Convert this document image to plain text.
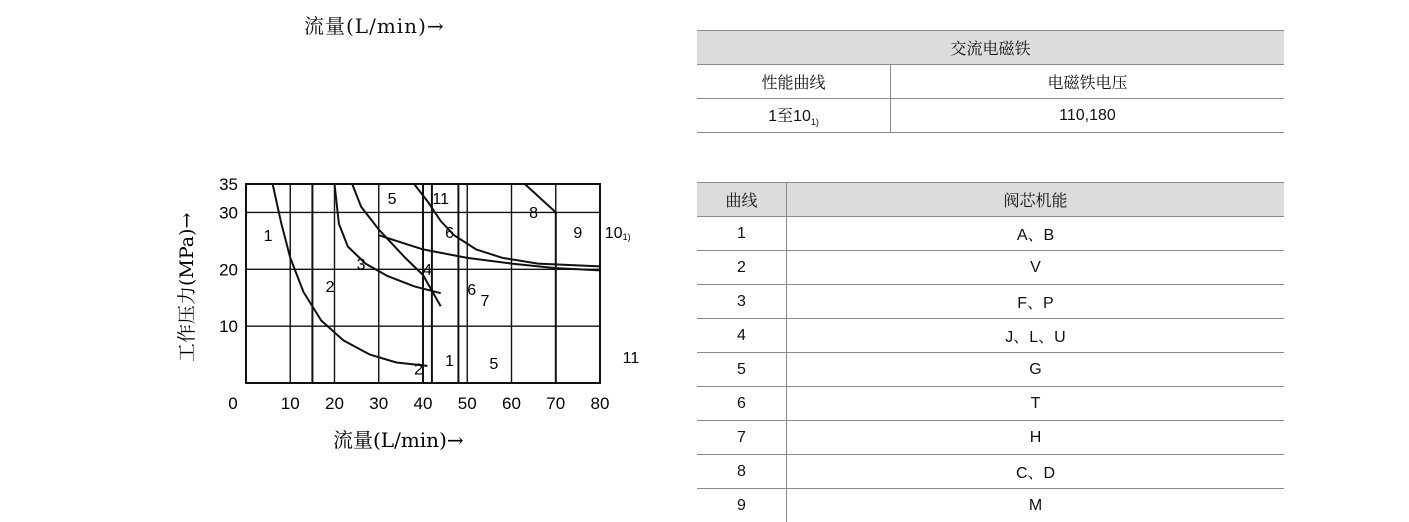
流量(L/min)→
1
2
3	4
5
6
6
7
8
9 101)
11
11
1
2	5
0	10 20 30 40 50 60 70 80
10
20
30
35
流量(L/min)→
工作压力(MPa)→
交流电磁铁	
性能曲线	电磁铁电压
1至$10_{1)}$	110,180
曲线	阀芯机能
1	A、B
2	V
3	F、P
4	J、L、U
5	G
6	T
7	H
8	C、D
9	M
